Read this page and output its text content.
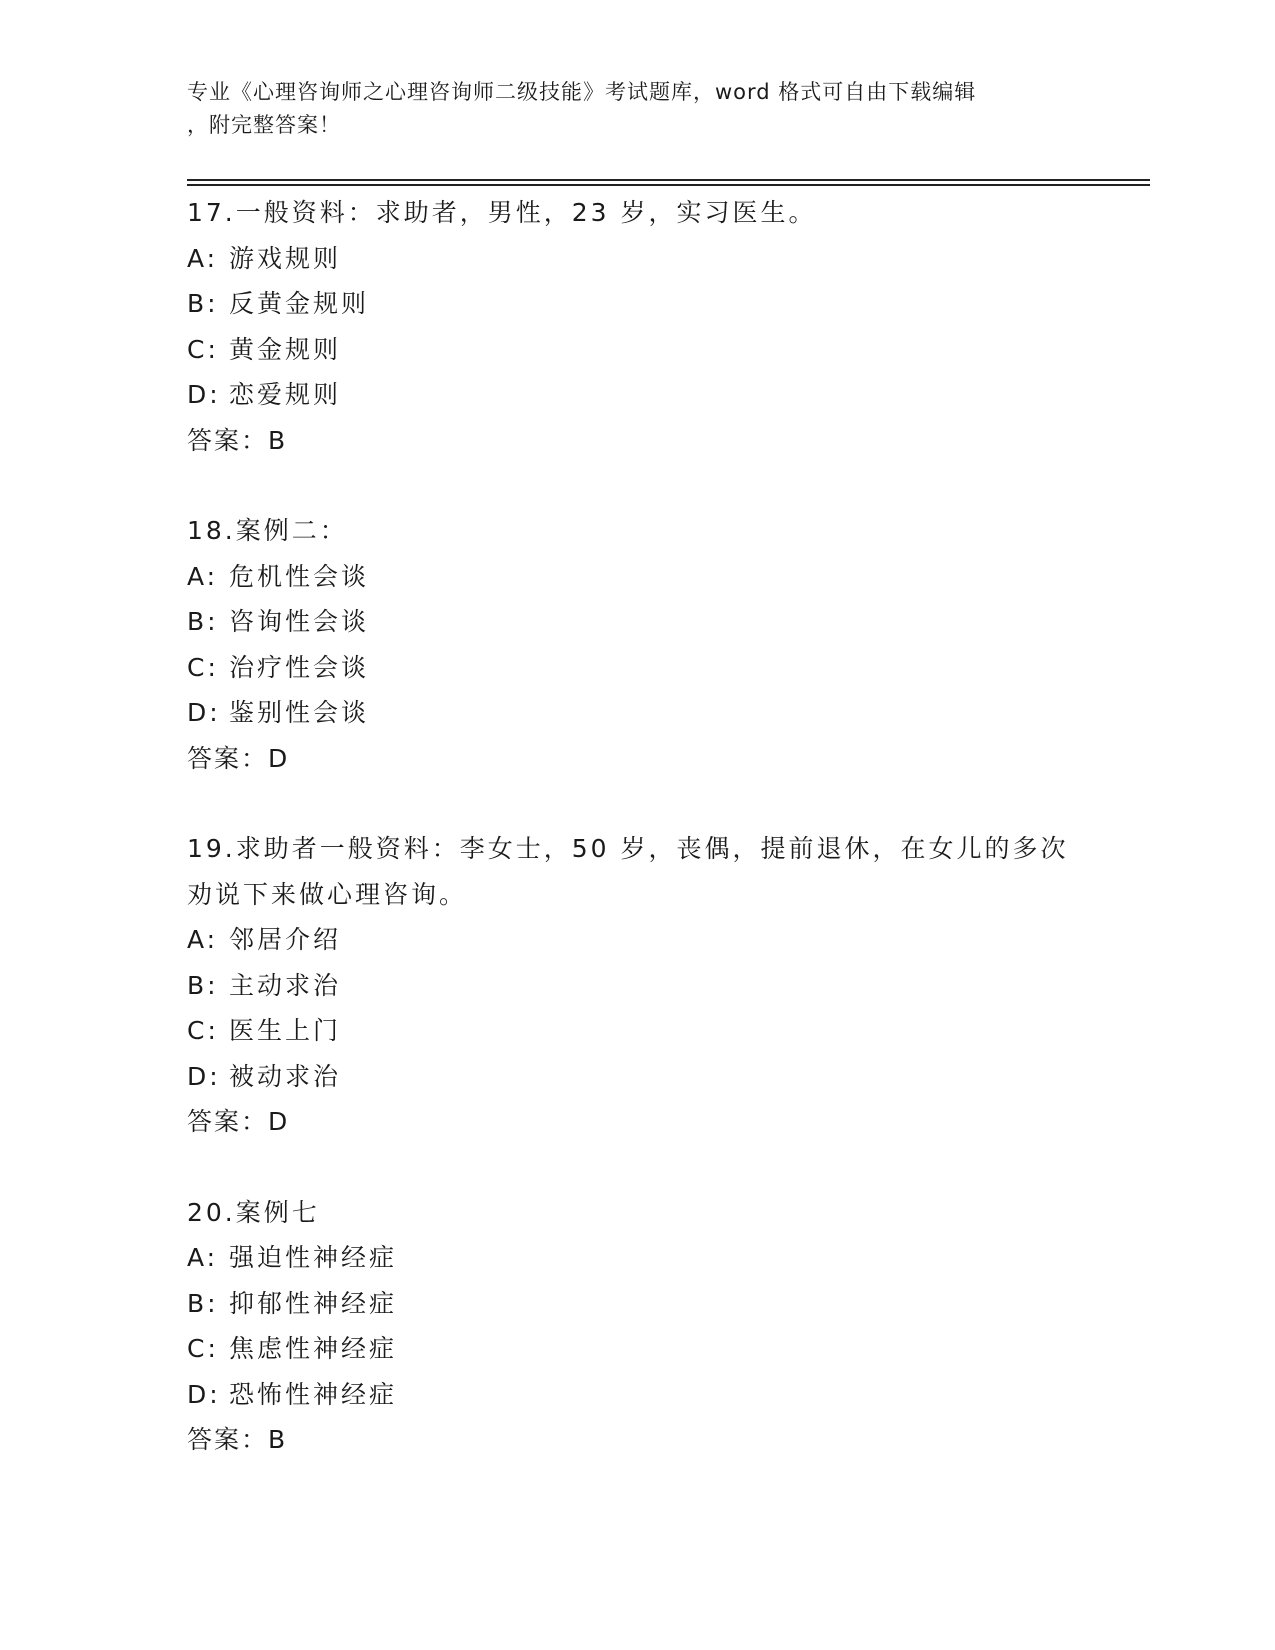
专业《心理咨询师之心理咨询师二级技能》考试题库，word 格式可自由下载编辑
，附完整答案！
17.一般资料：求助者，男性，23 岁，实习医生。
A: 游戏规则
B: 反黄金规则
C: 黄金规则
D: 恋爱规则
答案：B
18.案例二：
A: 危机性会谈
B: 咨询性会谈
C: 治疗性会谈
D: 鉴别性会谈
答案：D
19.求助者一般资料：李女士，50 岁，丧偶，提前退休，在女儿的多次劝说下来做心理咨询。
A: 邻居介绍
B: 主动求治
C: 医生上门
D: 被动求治
答案：D
20.案例七
A: 强迫性神经症
B: 抑郁性神经症
C: 焦虑性神经症
D: 恐怖性神经症
答案：B
